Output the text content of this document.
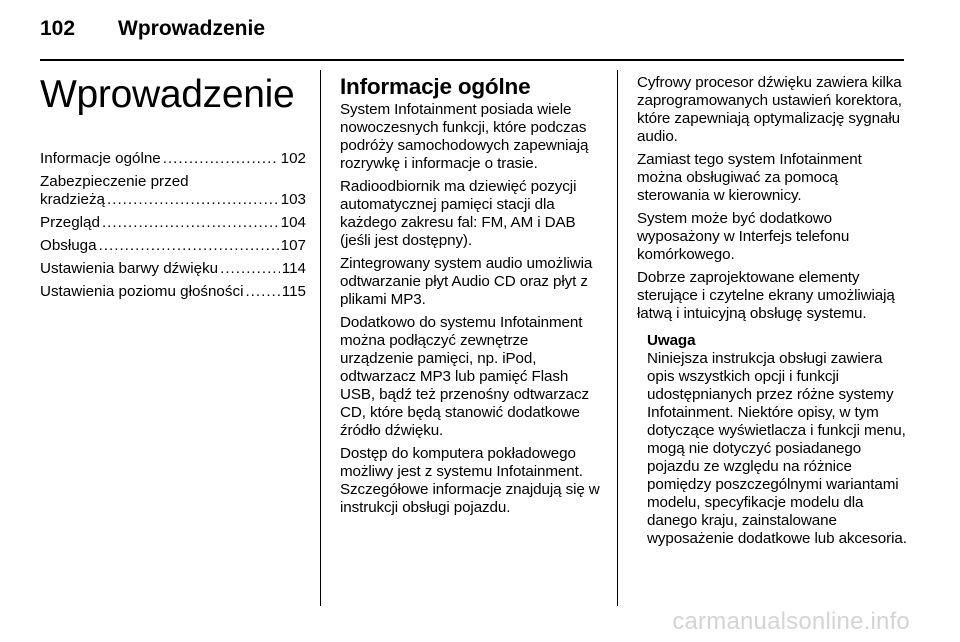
102	Wprowadzenie
Wprowadzenie
Informacje ogólne .....	102
Zabezpieczenie przed
kradzieżą .....	103
Przegląd .....	104
Obsługa .....	107
Ustawienia barwy dźwięku .....	114
Ustawienia poziomu głośności .....	115
Informacje ogólne

System Infotainment posiada wiele nowoczesnych funkcji, które podczas podróży samochodowych zapewniają rozrywkę i informacje o trasie.

Radioodbiornik ma dziewięć pozycji automatycznej pamięci stacji dla każdego zakresu fal: FM, AM i DAB (jeśli jest dostępny).

Zintegrowany system audio umożliwia odtwarzanie płyt Audio CD oraz płyt z plikami MP3.

Dodatkowo do systemu Infotainment można podłączyć zewnętrze urządzenie pamięci, np. iPod, odtwarzacz MP3 lub pamięć Flash USB, bądź też przenośny odtwarzacz CD, które będą stanowić dodatkowe źródło dźwięku.

Dostęp do komputera pokładowego możliwy jest z systemu Infotainment. Szczegółowe informacje znajdują się w instrukcji obsługi pojazdu.

Cyfrowy procesor dźwięku zawiera kilka zaprogramowanych ustawień korektora, które zapewniają optymalizację sygnału audio.

Zamiast tego system Infotainment można obsługiwać za pomocą sterowania w kierownicy.

System może być dodatkowo wyposażony w Interfejs telefonu komórkowego.

Dobrze zaprojektowane elementy sterujące i czytelne ekrany umożliwiają łatwą i intuicyjną obsługę systemu.

Uwaga
Niniejsza instrukcja obsługi zawiera opis wszystkich opcji i funkcji udostępnianych przez różne systemy Infotainment. Niektóre opisy, w tym dotyczące wyświetlacza i funkcji menu, mogą nie dotyczyć posiadanego pojazdu ze względu na różnice pomiędzy poszczególnymi wariantami modelu, specyfikacje modelu dla danego kraju, zainstalowane wyposażenie dodatkowe lub akcesoria.
carmanualsonline.info
